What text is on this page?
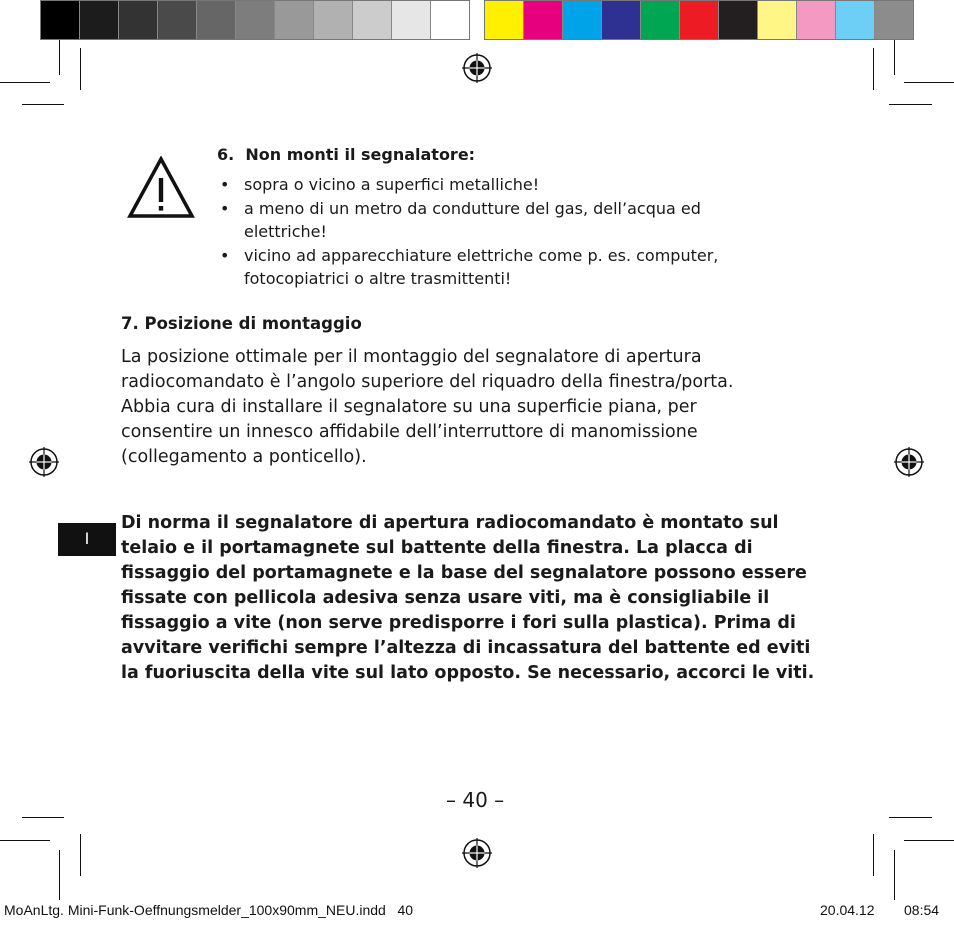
6.  Non monti il segnalatore:
• sopra o vicino a superfici metalliche!
• a meno di un metro da condutture del gas, dell’acqua ed
elettriche!
• vicino ad apparecchiature elettriche come p. es. computer,
fotocopiatrici o altre trasmittenti!
7. Posizione di montaggio
La posizione ottimale per il montaggio del segnalatore di apertura
radiocomandato è l’angolo superiore del riquadro della finestra/porta.
Abbia cura di installare il segnalatore su una superficie piana, per
consentire un innesco affidabile dell’interruttore di manomissione
(collegamento a ponticello).
I
Di norma il segnalatore di apertura radiocomandato è montato sul
telaio e il portamagnete sul battente della finestra. La placca di
fissaggio del portamagnete e la base del segnalatore possono essere
fissate con pellicola adesiva senza usare viti, ma è consigliabile il
fissaggio a vite (non serve predisporre i fori sulla plastica). Prima di
avvitare verifichi sempre l’altezza di incassatura del battente ed eviti
la fuoriuscita della vite sul lato opposto. Se necessario, accorci le viti.
– 40 –
MoAnLtg. Mini-Funk-Oeffnungsmelder_100x90mm_NEU.indd   40	20.04.12 08:54
